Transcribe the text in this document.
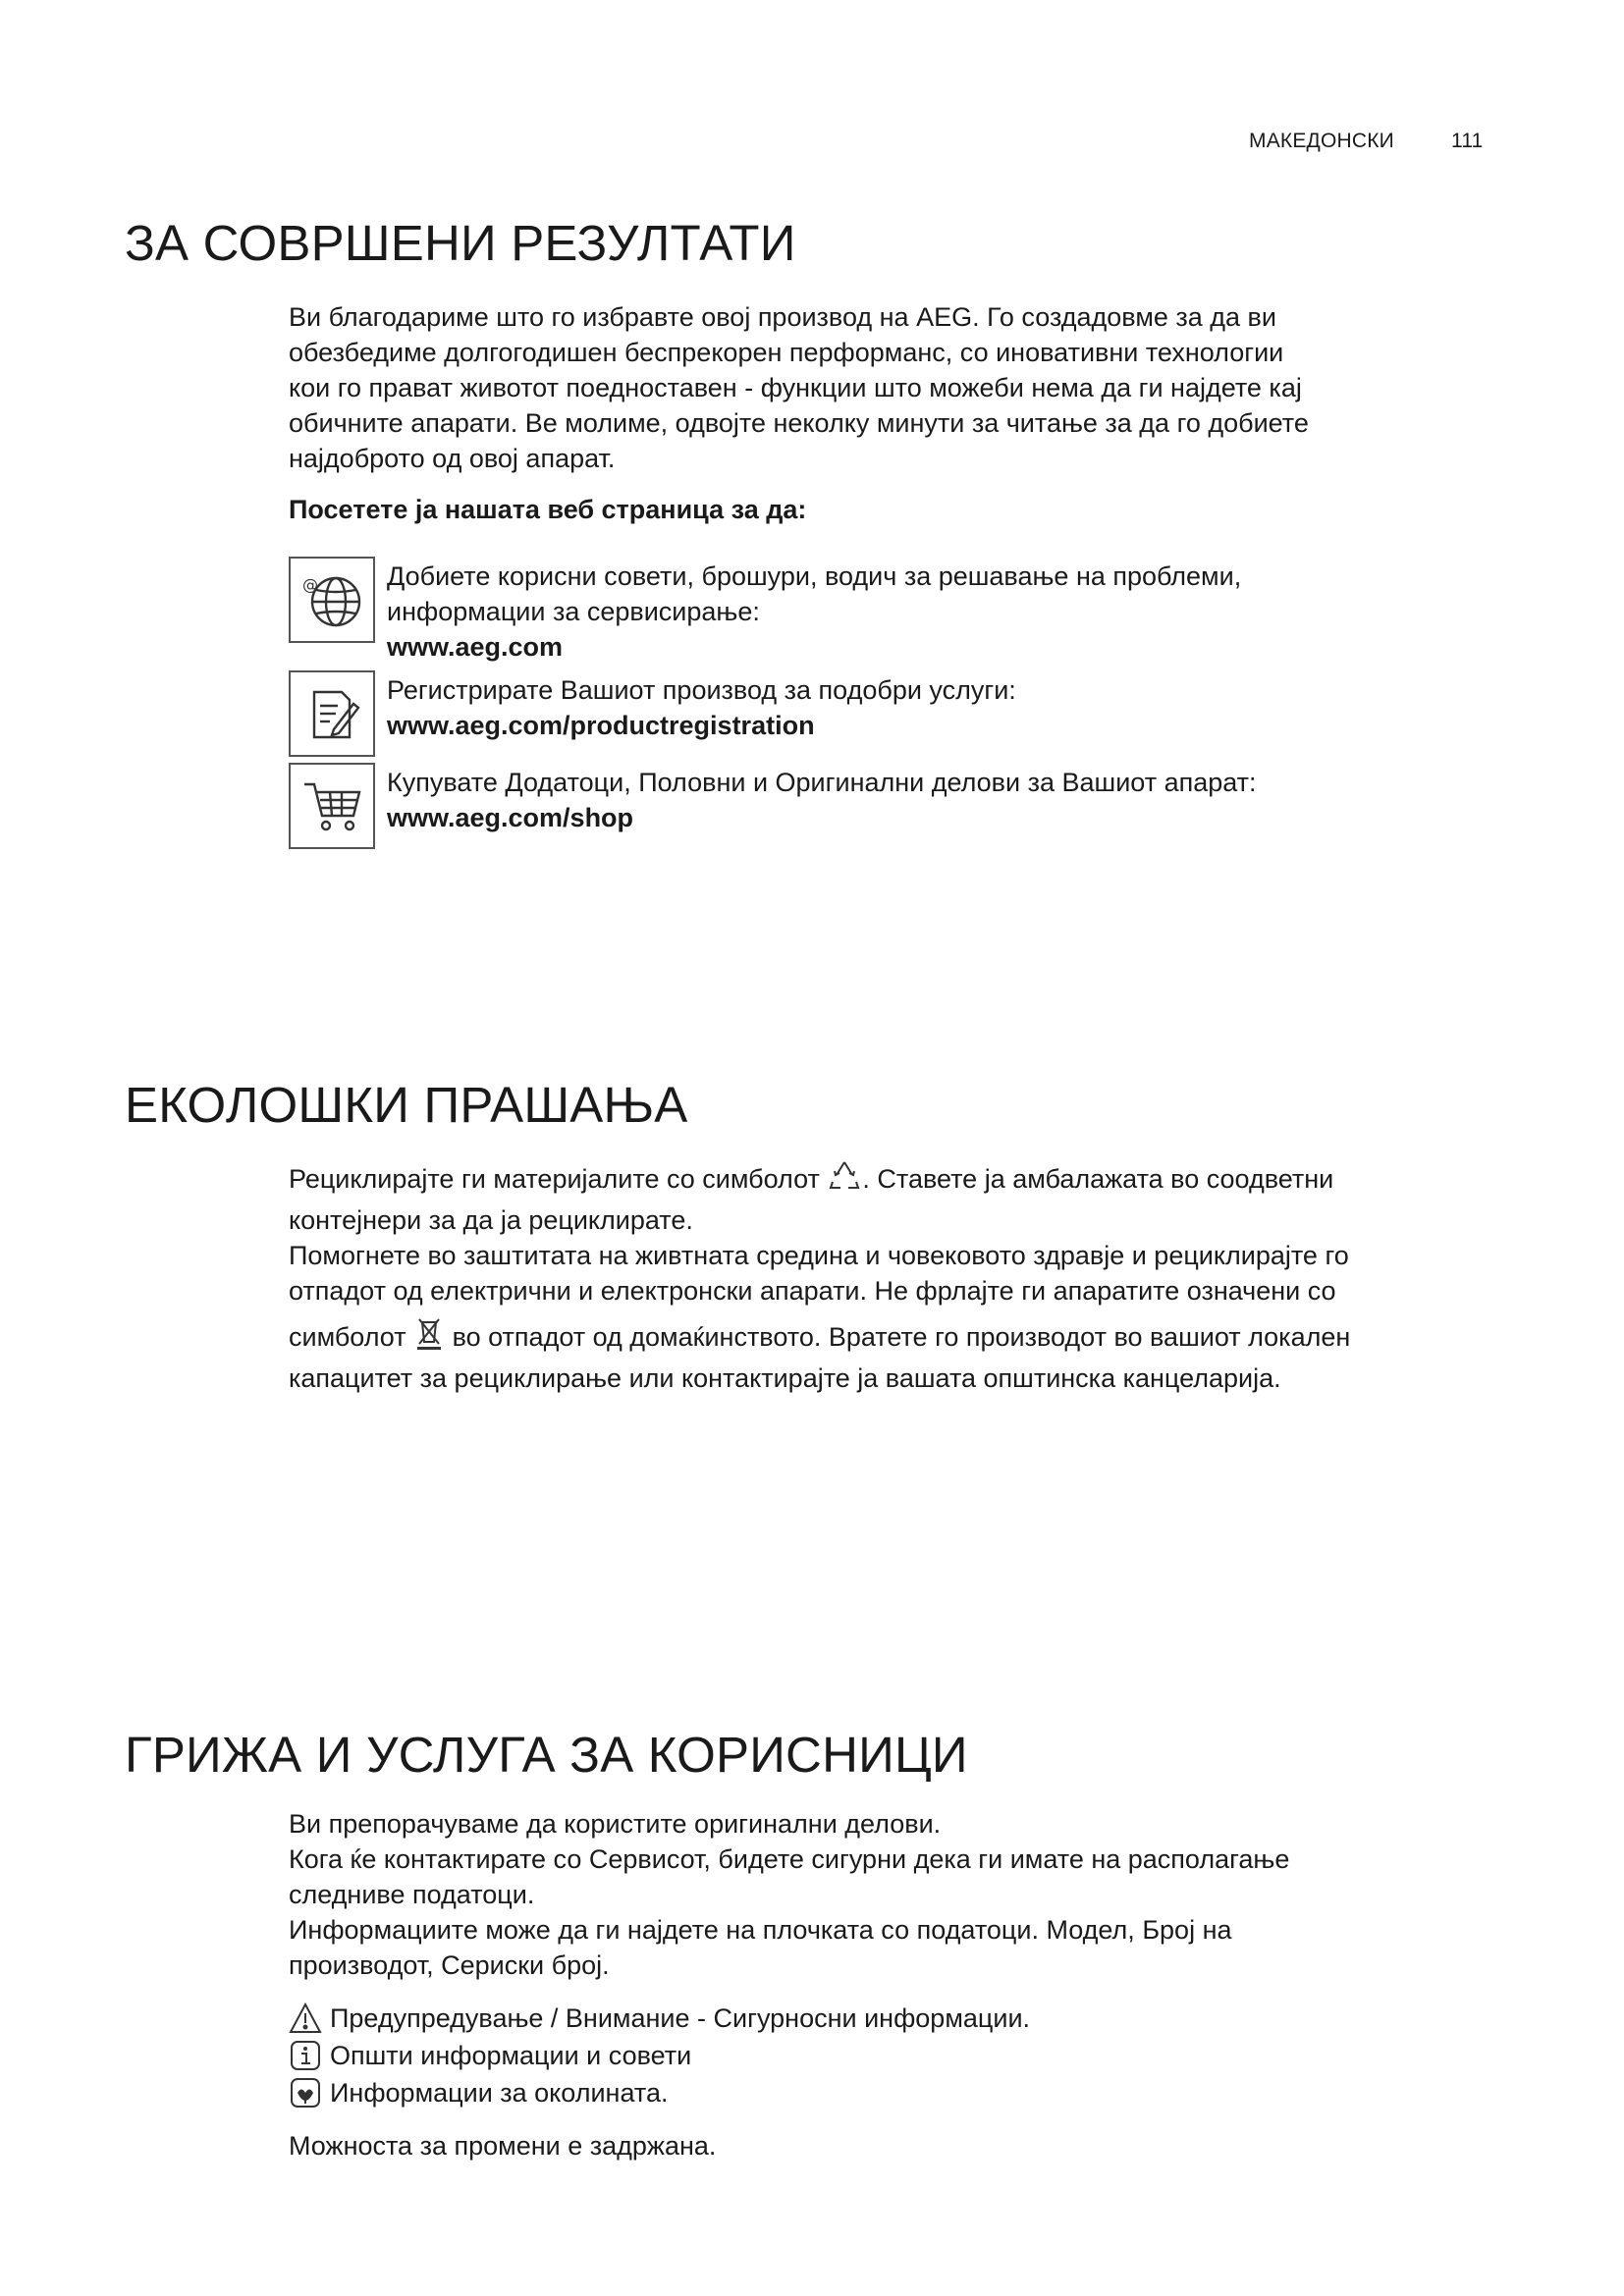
МАКЕДОНСКИ	111
ЗА СОВРШЕНИ РЕЗУЛТАТИ

Ви благодариме што го избравте овој производ на AEG. Го создадовме за да ви

обезбедиме долгогодишен беспрекорен перформанс, со иновативни технологии

кои го прават животот поедноставен - функции што можеби нема да ги најдете кај

обичните апарати. Ве молиме, одвојте неколку минути за читање за да го добиете

најдоброто од овој апарат.

Посетете ја нашата веб страница за да:

@	Добиете корисни совети, брошури, водич за решавање на проблеми,

информации за сервисирање:

www.aeg.com

Регистрирате Вашиот производ за подобри услуги:

www.aeg.com/productregistration

Купувате Додатоци, Половни и Оригинални делови за Вашиот апарат:

www.aeg.com/shop

ЕКОЛОШКИ ПРАШАЊА

Рециклирајте ги материјалите со симболот . Ставете ја амбалажата во соодветни

контејнери за да ја рециклирате.

Помогнете во заштитата на живтната средина и човековото здравје и рециклирајте го

отпадот од електрични и електронски апарати. Не фрлајте ги апаратите означени со

симболот  во отпадот од домаќинството. Вратете го производот во вашиот локален

капацитет за рециклирање или контактирајте ја вашата општинска канцеларија.

ГРИЖА И УСЛУГА ЗА КОРИСНИЦИ

Ви препорачуваме да користите оригинални делови.

Кога ќе контактирате со Сервисот, бидете сигурни дека ги имате на располагање

следниве податоци.

Информациите може да ги најдете на плочката со податоци. Модел, Број на

производот, Сериски број.

Предупредување / Внимание - Сигурносни информации.
Општи информации и совети
Информации за околината.

Можноста за промени е задржана.
